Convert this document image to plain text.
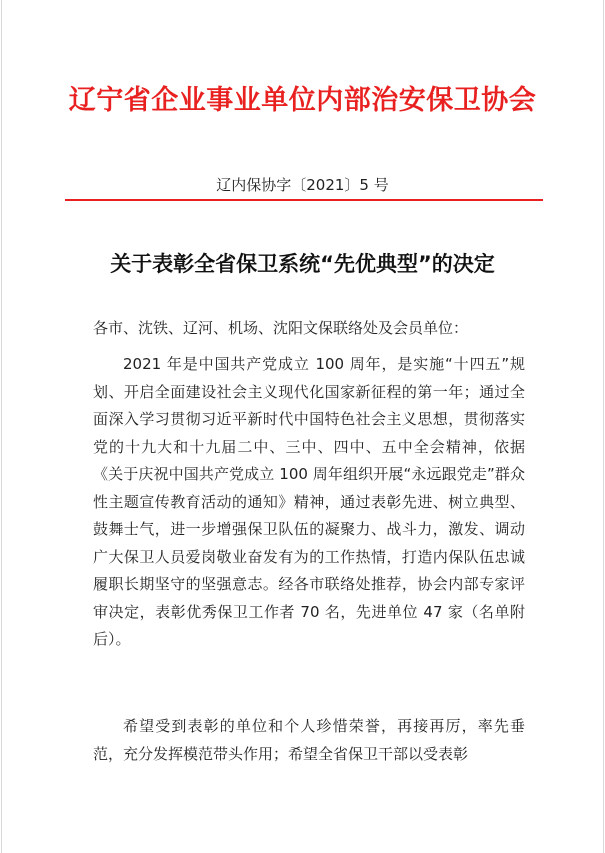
辽宁省企业事业单位内部治安保卫协会
辽内保协字〔2021〕5 号
关于表彰全省保卫系统“先优典型”的决定
各市、沈铁、辽河、机场、沈阳文保联络处及会员单位：
2021 年是中国共产党成立 100 周年，是实施“十四五”规划、开启全面建设社会主义现代化国家新征程的第一年；通过全面深入学习贯彻习近平新时代中国特色社会主义思想，贯彻落实党的十九大和十九届二中、三中、四中、五中全会精神，依据《关于庆祝中国共产党成立 100 周年组织开展“永远跟党走”群众性主题宣传教育活动的通知》精神，通过表彰先进、树立典型、鼓舞士气，进一步增强保卫队伍的凝聚力、战斗力，激发、调动广大保卫人员爱岗敬业奋发有为的工作热情，打造内保队伍忠诚履职长期坚守的坚强意志。经各市联络处推荐，协会内部专家评审决定，表彰优秀保卫工作者 70 名，先进单位 47 家（名单附后）。
希望受到表彰的单位和个人珍惜荣誉，再接再厉，率先垂范，充分发挥模范带头作用；希望全省保卫干部以受表彰
